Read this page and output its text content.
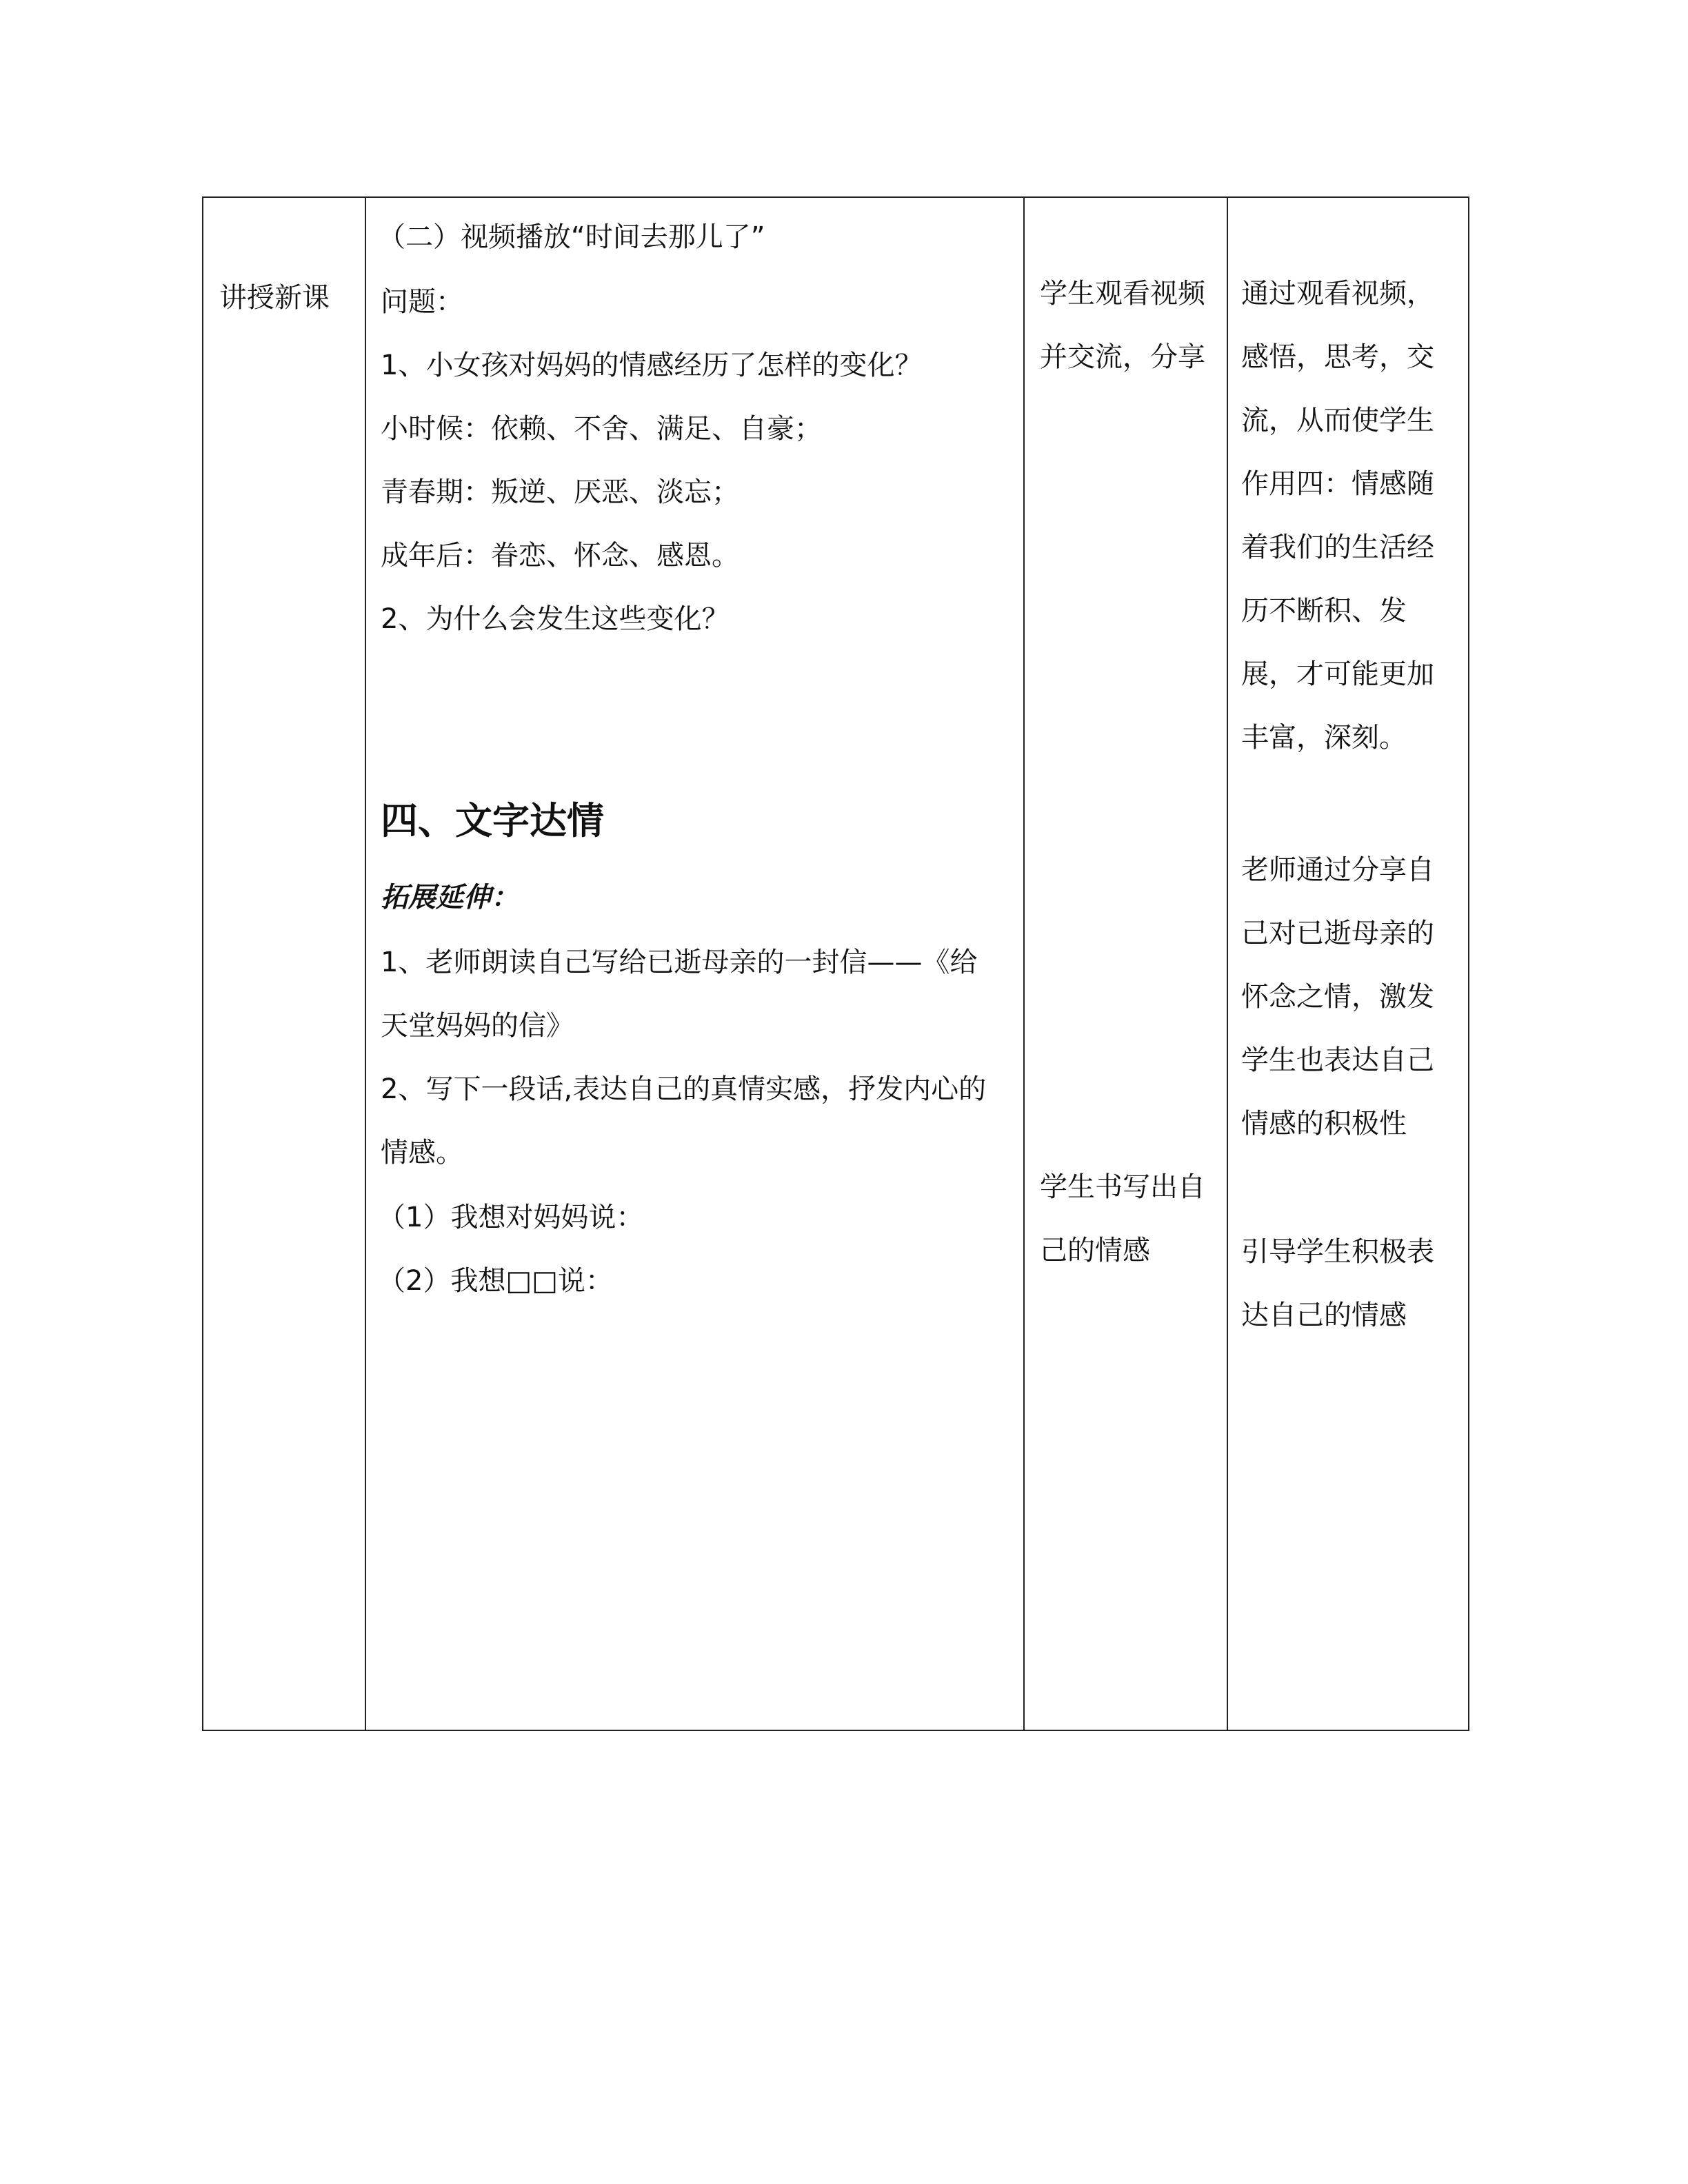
讲授新课
（二）视频播放“时间去那儿了”
问题：
1、小女孩对妈妈的情感经历了怎样的变化？
小时候：依赖、不舍、满足、自豪；
青春期：叛逆、厌恶、淡忘；
成年后：眷恋、怀念、感恩。
2、为什么会发生这些变化？
四、文字达情
拓展延伸：
1、老师朗读自己写给已逝母亲的一封信——《给
天堂妈妈的信》
2、写下一段话,表达自己的真情实感，抒发内心的
情感。
（1）我想对妈妈说：
（2）我想□□说：
学生观看视频
并交流，分享
学生书写出自
己的情感
通过观看视频，
感悟，思考，交
流，从而使学生
作用四：情感随
着我们的生活经
历不断积、发
展，才可能更加
丰富，深刻。
老师通过分享自
己对已逝母亲的
怀念之情，激发
学生也表达自己
情感的积极性
引导学生积极表
达自己的情感
